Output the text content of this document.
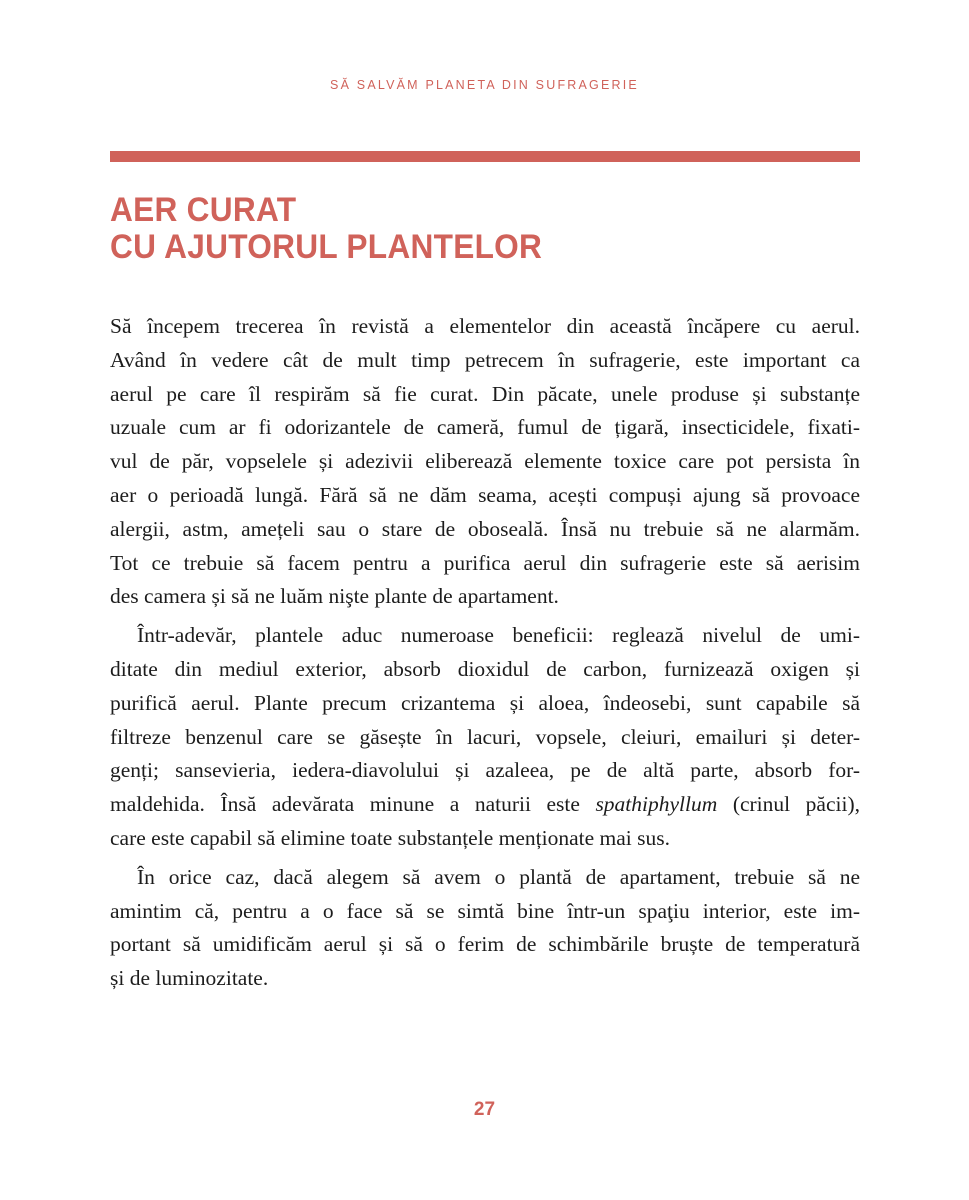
SĂ SALVĂM PLANETA DIN SUFRAGERIE
AER CURAT
CU AJUTORUL PLANTELOR
Să începem trecerea în revistă a elementelor din această încăpere cu aerul.
Având în vedere cât de mult timp petrecem în sufragerie, este important ca
aerul pe care îl respirăm să fie curat. Din păcate, unele produse și substanțe
uzuale cum ar fi odorizantele de cameră, fumul de țigară, insecticidele, fixati-
vul de păr, vopselele și adezivii eliberează elemente toxice care pot persista în
aer o perioadă lungă. Fără să ne dăm seama, acești compuși ajung să provoace
alergii, astm, amețeli sau o stare de oboseală. Însă nu trebuie să ne alarmăm.
Tot ce trebuie să facem pentru a purifica aerul din sufragerie este să aerisim
des camera și să ne luăm nişte plante de apartament.
Într-adevăr, plantele aduc numeroase beneficii: reglează nivelul de umi-
ditate din mediul exterior, absorb dioxidul de carbon, furnizează oxigen și
purifică aerul. Plante precum crizantema și aloea, îndeosebi, sunt capabile să
filtreze benzenul care se găsește în lacuri, vopsele, cleiuri, emailuri și deter-
genți; sansevieria, iedera-diavolului și azaleea, pe de altă parte, absorb for-
maldehida. Însă adevărata minune a naturii este spathiphyllum (crinul păcii),
care este capabil să elimine toate substanțele menționate mai sus.
În orice caz, dacă alegem să avem o plantă de apartament, trebuie să ne
amintim că, pentru a o face să se simtă bine într-un spaţiu interior, este im-
portant să umidificăm aerul și să o ferim de schimbările bruște de temperatură
și de luminozitate.
27
